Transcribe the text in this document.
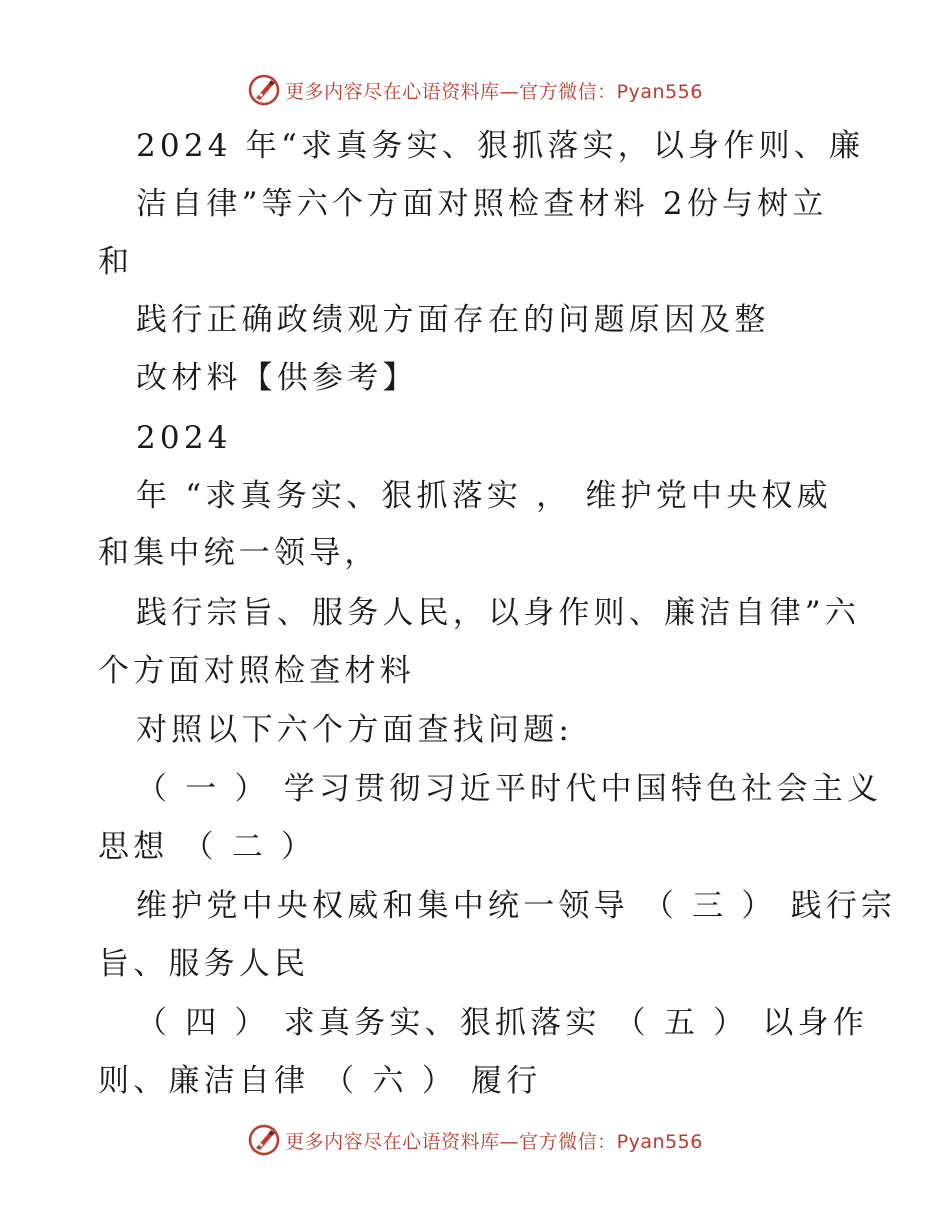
更多内容尽在心语资料库—官方微信：Pyan556
2024 年“求真务实、狠抓落实，以身作则、廉
洁自律”等六个方面对照检查材料 2份与树立
和
践行正确政绩观方面存在的问题原因及整
改材料【供参考】
2024
年 “求真务实、狠抓落实 ， 维护党中央权威
和集中统一领导，
践行宗旨、服务人民，以身作则、廉洁自律”六
个方面对照检查材料
对照以下六个方面查找问题:
（ 一 ） 学习贯彻习近平时代中国特色社会主义
思想 （ 二 ）
维护党中央权威和集中统一领导 （ 三 ） 践行宗
旨、服务人民
（ 四 ） 求真务实、狠抓落实 （ 五 ） 以身作
则、廉洁自律 （ 六 ） 履行
更多内容尽在心语资料库—官方微信：Pyan556
